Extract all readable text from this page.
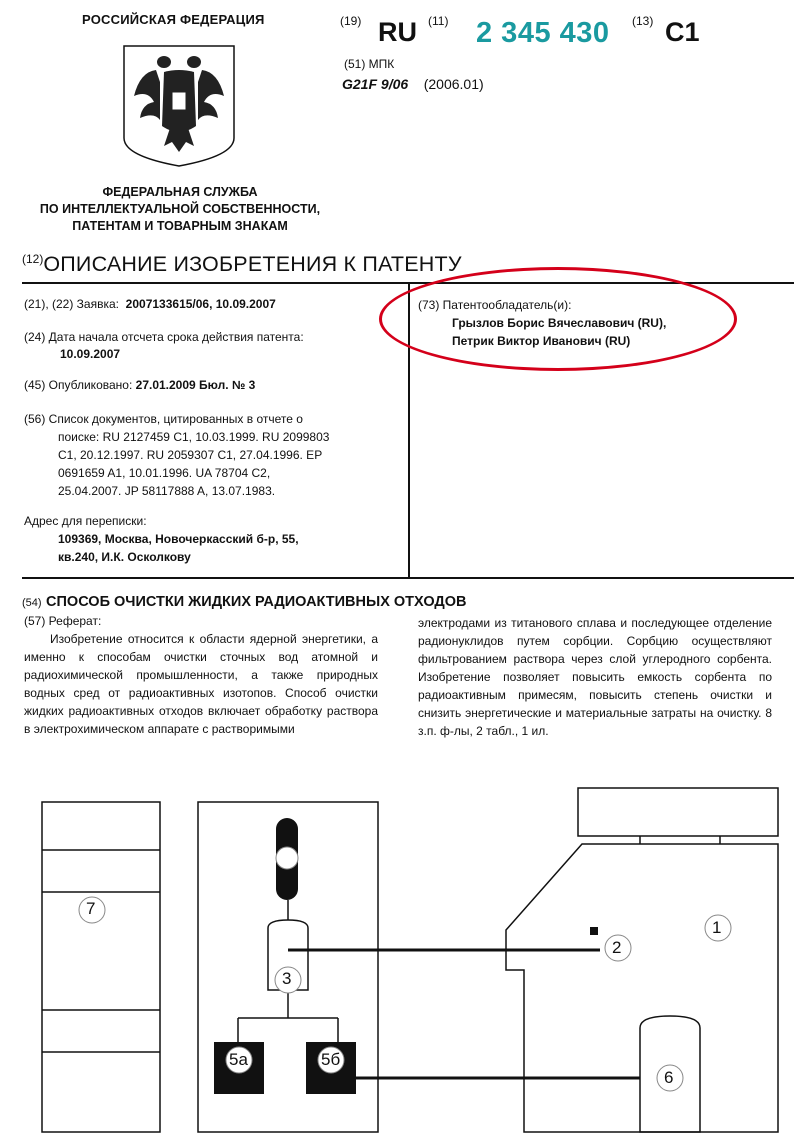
РОССИЙСКАЯ ФЕДЕРАЦИЯ
ФЕДЕРАЛЬНАЯ СЛУЖБА
ПО ИНТЕЛЛЕКТУАЛЬНОЙ СОБСТВЕННОСТИ,
ПАТЕНТАМ И ТОВАРНЫМ ЗНАКАМ
(19) RU (11) 2 345 430 (13) C1
(51) МПК
G21F 9/06 (2006.01)
$^{(12)}$ОПИСАНИЕ ИЗОБРЕТЕНИЯ К ПАТЕНТУ
(21), (22) Заявка: 2007133615/06, 10.09.2007
(24) Дата начала отсчета срока действия патента:
10.09.2007
(45) Опубликовано: 27.01.2009 Бюл. № 3
(56) Список документов, цитированных в отчете о
поиске: RU 2127459 C1, 10.03.1999. RU 2099803
C1, 20.12.1997. RU 2059307 C1, 27.04.1996. EP
0691659 A1, 10.01.1996. UA 78704 C2,
25.04.2007. JP 58117888 A, 13.07.1983.
Адрес для переписки:
109369, Москва, Новочеркасский б-р, 55,
кв.240, И.К. Осколкову
(73) Патентообладатель(и):
Грызлов Борис Вячеславович (RU),
Петрик Виктор Иванович (RU)
(54) СПОСОБ ОЧИСТКИ ЖИДКИХ РАДИОАКТИВНЫХ ОТХОДОВ
(57) Реферат:
Изобретение относится к области ядерной энергетики, а именно к способам очистки сточных вод атомной и радиохимической промышленности, а также природных водных сред от радиоактивных изотопов. Способ очистки жидких радиоактивных отходов включает обработку раствора в электрохимическом аппарате с растворимыми
электродами из титанового сплава и последующее отделение радионуклидов путем сорбции. Сорбцию осуществляют фильтрованием раствора через слой углеродного сорбента. Изобретение позволяет повысить емкость сорбента по радиоактивным примесям, повысить степень очистки и снизить энергетические и материальные затраты на очистку. 8 з.п. ф-лы, 2 табл., 1 ил.
7
4
3
5а	5б
2
1
6
